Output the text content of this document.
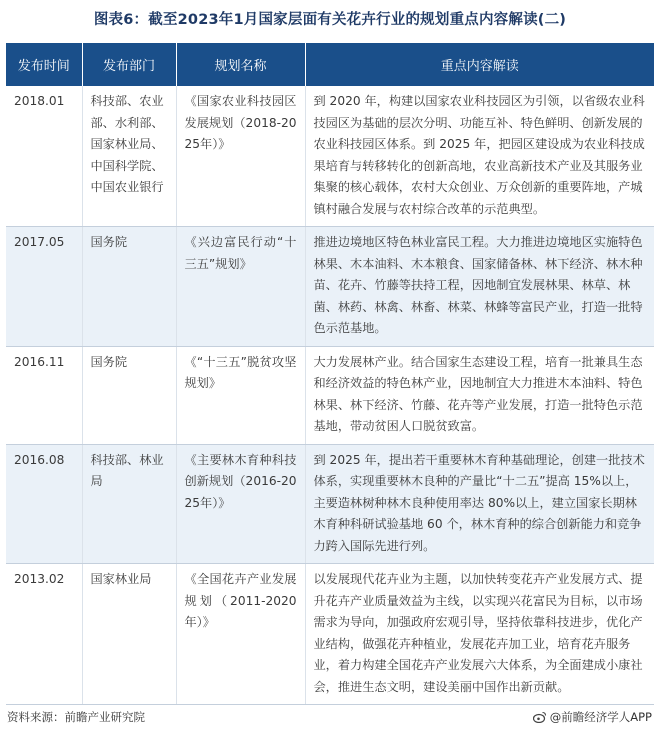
图表6：截至2023年1月国家层面有关花卉行业的规划重点内容解读(二)
发布时间	发布部门	规划名称	重点内容解读
2018.01	科技部、农业部、水利部、国家林业局、中国科学院、中国农业银行	《国家农业科技园区发展规划（2018-2025年）》	到 2020 年，构建以国家农业科技园区为引领，以省级农业科技园区为基础的层次分明、功能互补、特色鲜明、创新发展的农业科技园区体系。到 2025 年，把园区建设成为农业科技成果培育与转移转化的创新高地，农业高新技术产业及其服务业集聚的核心载体，农村大众创业、万众创新的重要阵地，产城镇村融合发展与农村综合改革的示范典型。
2017.05	国务院	《兴边富民行动“十三五”规划》	推进边境地区特色林业富民工程。大力推进边境地区实施特色林果、木本油料、木本粮食、国家储备林、林下经济、林木种苗、花卉、竹藤等扶持工程，因地制宜发展林果、林草、林菌、林药、林禽、林畜、林菜、林蜂等富民产业，打造一批特色示范基地。
2016.11	国务院	《“十三五”脱贫攻坚规划》	大力发展林产业。结合国家生态建设工程，培育一批兼具生态和经济效益的特色林产业，因地制宜大力推进木本油料、特色林果、林下经济、竹藤、花卉等产业发展，打造一批特色示范基地，带动贫困人口脱贫致富。
2016.08	科技部、林业局	《主要林木育种科技创新规划（2016-2025年）》	到 2025 年，提出若干重要林木育种基础理论，创建一批技术体系，实现重要林木良种的产量比“十二五”提高 15%以上，主要造林树种林木良种使用率达 80%以上，建立国家长期林木育种科研试验基地 60 个，林木育种的综合创新能力和竞争力跨入国际先进行列。
2013.02	国家林业局	《全国花卉产业发展规划（2011-2020年）》	以发展现代花卉业为主题，以加快转变花卉产业发展方式、提升花卉产业质量效益为主线，以实现兴花富民为目标，以市场需求为导向，加强政府宏观引导，坚持依靠科技进步，优化产业结构，做强花卉种植业，发展花卉加工业，培育花卉服务业，着力构建全国花卉产业发展六大体系，为全面建成小康社会，推进生态文明，建设美丽中国作出新贡献。
资料来源：前瞻产业研究院	@前瞻经济学人APP
